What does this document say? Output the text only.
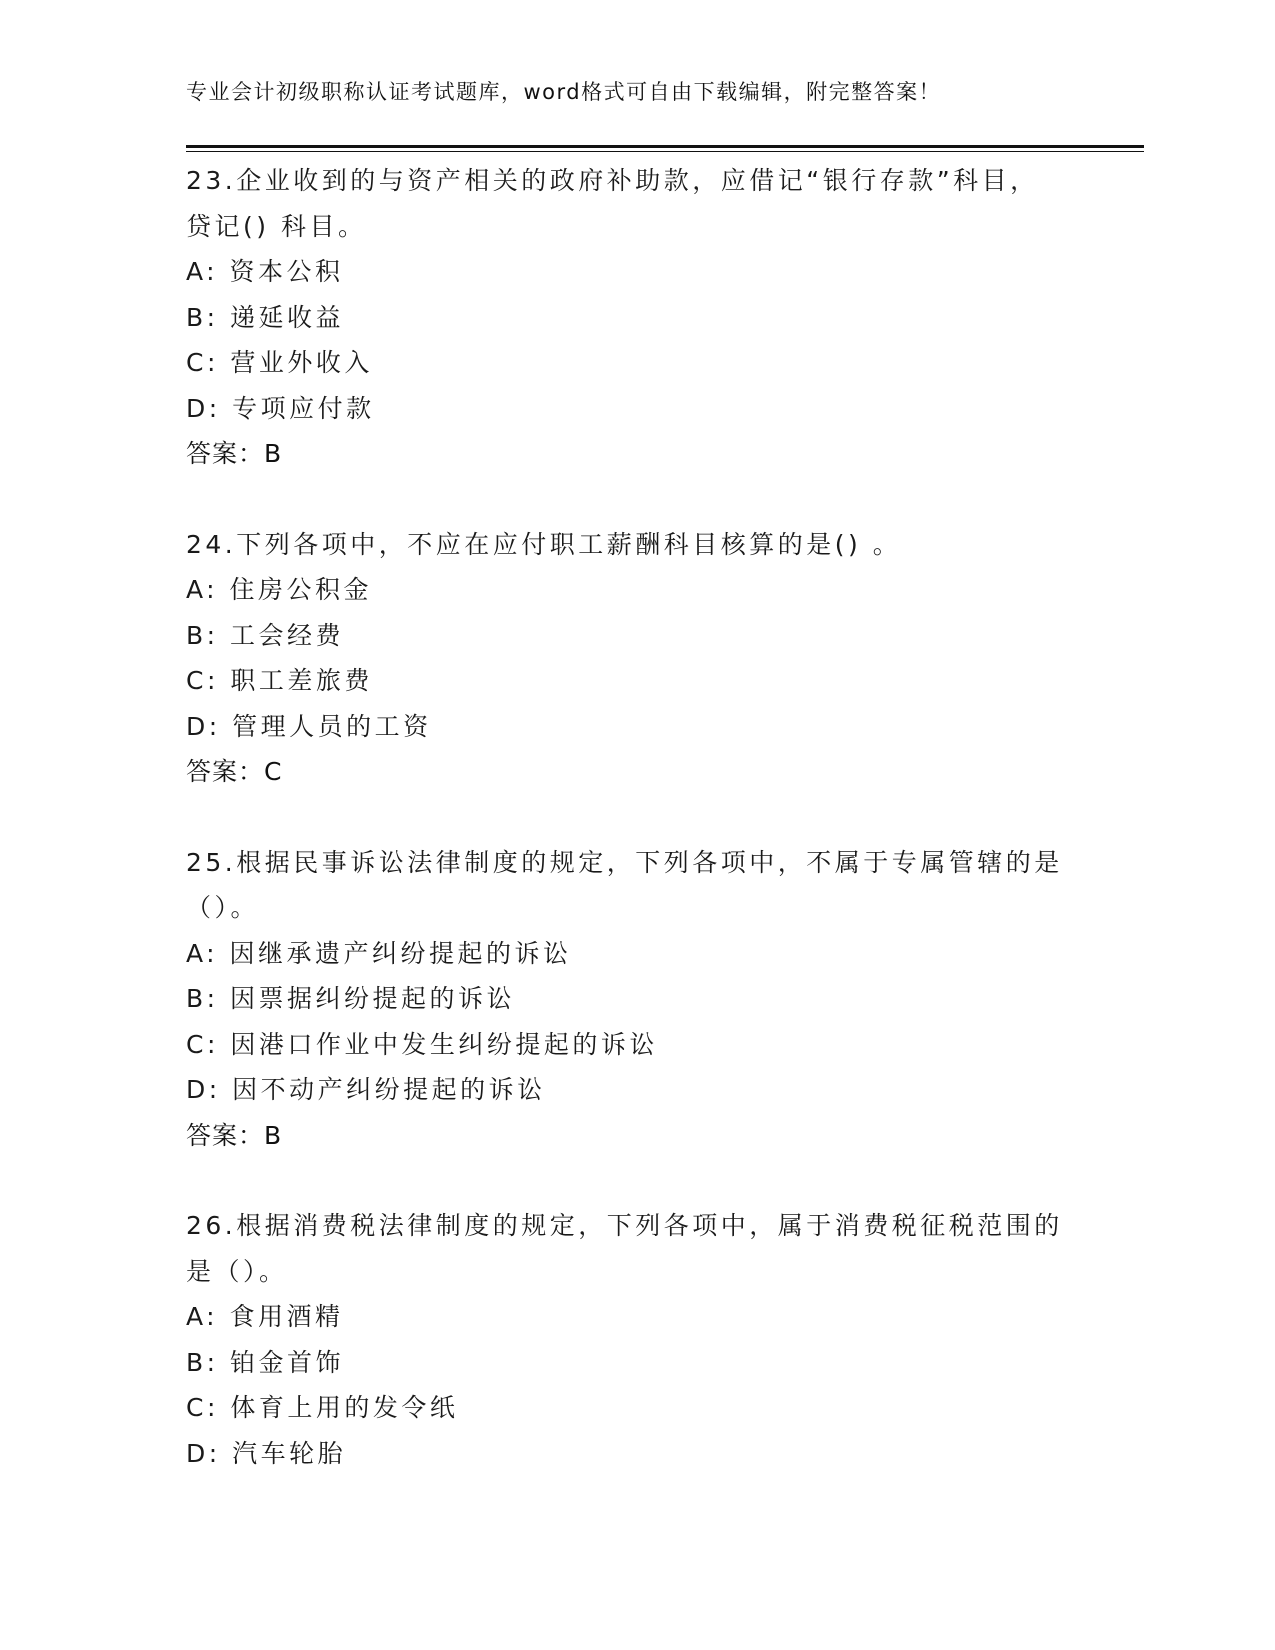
专业会计初级职称认证考试题库，word格式可自由下载编辑，附完整答案！
23.企业收到的与资产相关的政府补助款，应借记“银行存款”科目，
贷记() 科目。
A: 资本公积
B: 递延收益
C: 营业外收入
D: 专项应付款
答案：B
24.下列各项中，不应在应付职工薪酬科目核算的是() 。
A: 住房公积金
B: 工会经费
C: 职工差旅费
D: 管理人员的工资
答案：C
25.根据民事诉讼法律制度的规定，下列各项中，不属于专属管辖的是
（）。
A: 因继承遗产纠纷提起的诉讼
B: 因票据纠纷提起的诉讼
C: 因港口作业中发生纠纷提起的诉讼
D: 因不动产纠纷提起的诉讼
答案：B
26.根据消费税法律制度的规定，下列各项中，属于消费税征税范围的
是（）。
A: 食用酒精
B: 铂金首饰
C: 体育上用的发令纸
D: 汽车轮胎
